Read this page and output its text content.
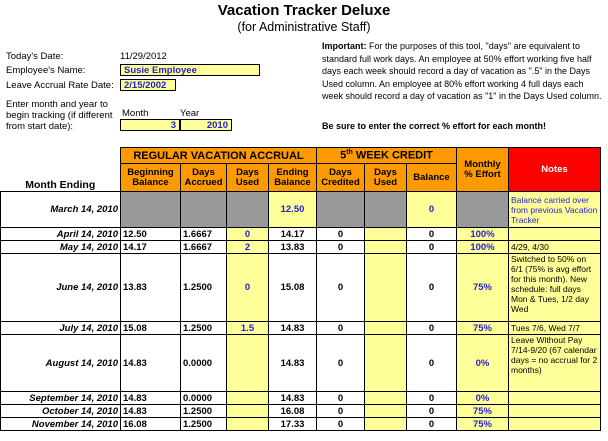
Vacation Tracker Deluxe
(for Administrative Staff)
Today's Date:	11/29/2012
Employee's Name:	Susie Employee
Leave Accrual Rate Date:	2/15/2002
Enter month and year to begin tracking (if different from start date):
Month	Year
3	2010
Important: For the purposes of this tool, "days" are equivalent to standard full work days. An employee at 50% effort working five half days each week should record a day of vacation as ".5" in the Days Used column. An employee at 80% effort working 4 full days each week should record a day of vacation as "1" in the Days Used column.
Be sure to enter the correct % effort for each month!
	REGULAR VACATION ACCRUAL				5th WEEK CREDIT			Monthly % Effort	Notes
Month Ending	Beginning Balance	Days Accrued	Days Used	Ending Balance	Days Credited	Days Used	Balance		
March 14, 2010				12.50			0		Balance carried over from previous Vacation Tracker
April 14, 2010	12.50	1.6667	0	14.17	0		0	100%	
May 14, 2010	14.17	1.6667	2	13.83	0		0	100%	4/29, 4/30
June 14, 2010	13.83	1.2500	0	15.08	0		0	75%	Switched to 50% on 6/1 (75% is avg effort for this month). New schedule: full days Mon & Tues, 1/2 day Wed
July 14, 2010	15.08	1.2500	1.5	14.83	0		0	75%	Tues 7/6, Wed 7/7
August 14, 2010	14.83	0.0000		14.83	0		0	0%	Leave Without Pay 7/14-9/20 (67 calendar days = no accrual for 2 months)
September 14, 2010	14.83	0.0000		14.83	0		0	0%	
October 14, 2010	14.83	1.2500		16.08	0		0	75%	
November 14, 2010	16.08	1.2500		17.33	0		0	75%	
